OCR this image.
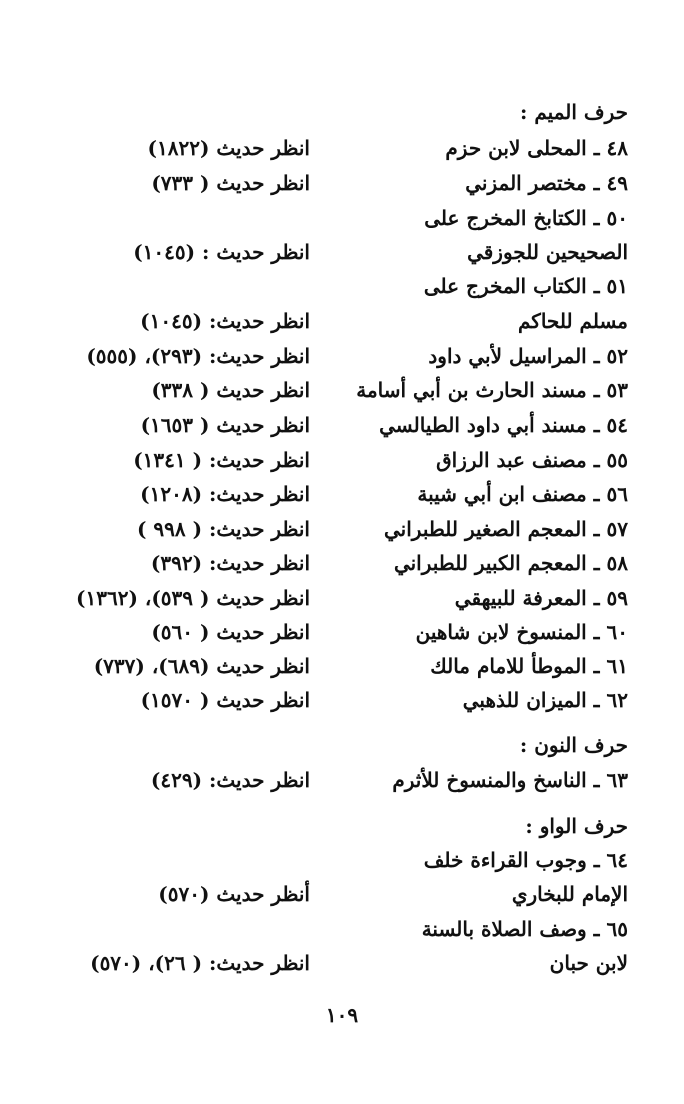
حرف الميم :
٤٨ ـ المحلى لابن حزم
انظر حديث (١٨٢٢)
٤٩ ـ مختصر المزني
انظر حديث ( ٧٣٣)
٥٠ ـ الكتابخ المخرج على
الصحيحين للجوزقي
انظر حديث : (١٠٤٥)
٥١ ـ الكتاب المخرج على
مسلم للحاكم
انظر حديث: (١٠٤٥)
٥٢ ـ المراسيل لأبي داود
انظر حديث: (٢٩٣)، (٥٥٥)
٥٣ ـ مسند الحارث بن أبي أسامة
انظر حديث ( ٣٣٨)
٥٤ ـ مسند أبي داود الطيالسي
انظر حديث ( ١٦٥٣)
٥٥ ـ مصنف عبد الرزاق
انظر حديث: ( ١٣٤١)
٥٦ ـ مصنف ابن أبي شيبة
انظر حديث: (١٢٠٨)
٥٧ ـ المعجم الصغير للطبراني
انظر حديث: ( ٩٩٨ )
٥٨ ـ المعجم الكبير للطبراني
انظر حديث: (٣٩٢)
٥٩ ـ المعرفة للبيهقي
انظر حديث ( ٥٣٩)، (١٣٦٢)
٦٠ ـ المنسوخ لابن شاهين
انظر حديث ( ٥٦٠)
٦١ ـ الموطأ للامام مالك
انظر حديث (٦٨٩)، (٧٣٧)
٦٢ ـ الميزان للذهبي
انظر حديث ( ١٥٧٠)
حرف النون :
٦٣ ـ الناسخ والمنسوخ للأثرم
انظر حديث: (٤٢٩)
حرف الواو :
٦٤ ـ وجوب القراءة خلف
الإمام للبخاري
أنظر حديث (٥٧٠)
٦٥ ـ وصف الصلاة بالسنة
لابن حبان
انظر حديث: ( ٢٦)، (٥٧٠)
١٠٩
